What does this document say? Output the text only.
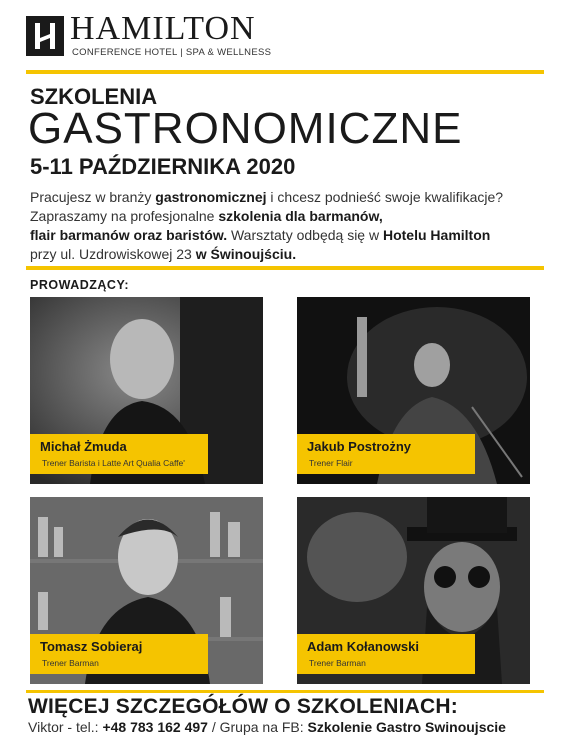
HAMILTON
CONFERENCE HOTEL | SPA & WELLNESS
SZKOLENIA
GASTRONOMICZNE
5-11 PAŹDZIERNIKA 2020
Pracujesz w branży gastronomicznej i chcesz podnieść swoje kwalifikacje?
Zapraszamy na profesjonalne szkolenia dla barmanów,
flair barmanów oraz baristów. Warsztaty odbędą się w Hotelu Hamilton
przy ul. Uzdrowiskowej 23 w Świnoujściu.
PROWADZĄCY:
Michał Żmuda
Trener Barista i Latte Art Qualia Caffe'
Jakub Postrożny
Trener Flair
Tomasz Sobieraj
Trener Barman
Adam Kołanowski
Trener Barman
WIĘCEJ SZCZEGÓŁÓW O SZKOLENIACH:
Viktor - tel.: +48 783 162 497 / Grupa na FB: Szkolenie Gastro Swinoujscie
